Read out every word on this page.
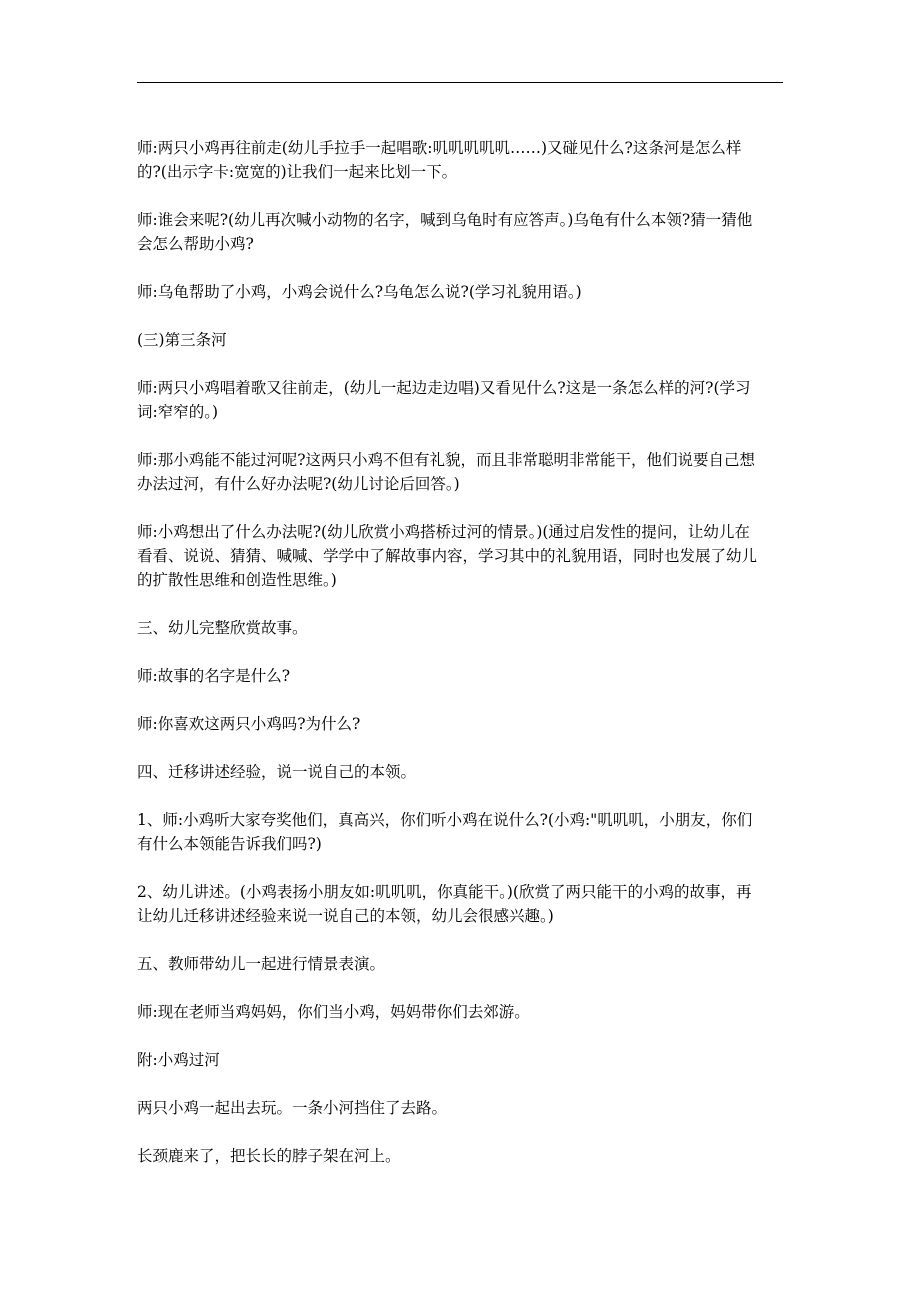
师:两只小鸡再往前走(幼儿手拉手一起唱歌:叽叽叽叽叽……)又碰见什么?这条河是怎么样
的?(出示字卡:宽宽的)让我们一起来比划一下。

师:谁会来呢?(幼儿再次喊小动物的名字，喊到乌龟时有应答声。)乌龟有什么本领?猜一猜他
会怎么帮助小鸡?

师:乌龟帮助了小鸡，小鸡会说什么?乌龟怎么说?(学习礼貌用语。)

(三)第三条河

师:两只小鸡唱着歌又往前走，(幼儿一起边走边唱)又看见什么?这是一条怎么样的河?(学习
词:窄窄的。)

师:那小鸡能不能过河呢?这两只小鸡不但有礼貌，而且非常聪明非常能干，他们说要自己想
办法过河，有什么好办法呢?(幼儿讨论后回答。)

师:小鸡想出了什么办法呢?(幼儿欣赏小鸡搭桥过河的情景。)(通过启发性的提问，让幼儿在
看看、说说、猜猜、喊喊、学学中了解故事内容，学习其中的礼貌用语，同时也发展了幼儿
的扩散性思维和创造性思维。)

三、幼儿完整欣赏故事。

师:故事的名字是什么?

师:你喜欢这两只小鸡吗?为什么?

四、迁移讲述经验，说一说自己的本领。

1、师:小鸡听大家夸奖他们，真高兴，你们听小鸡在说什么?(小鸡:"叽叽叽，小朋友，你们
有什么本领能告诉我们吗?)

2、幼儿讲述。(小鸡表扬小朋友如:叽叽叽，你真能干。)(欣赏了两只能干的小鸡的故事，再
让幼儿迁移讲述经验来说一说自己的本领，幼儿会很感兴趣。)

五、教师带幼儿一起进行情景表演。

师:现在老师当鸡妈妈，你们当小鸡，妈妈带你们去郊游。

附:小鸡过河

两只小鸡一起出去玩。一条小河挡住了去路。

长颈鹿来了，把长长的脖子架在河上。
